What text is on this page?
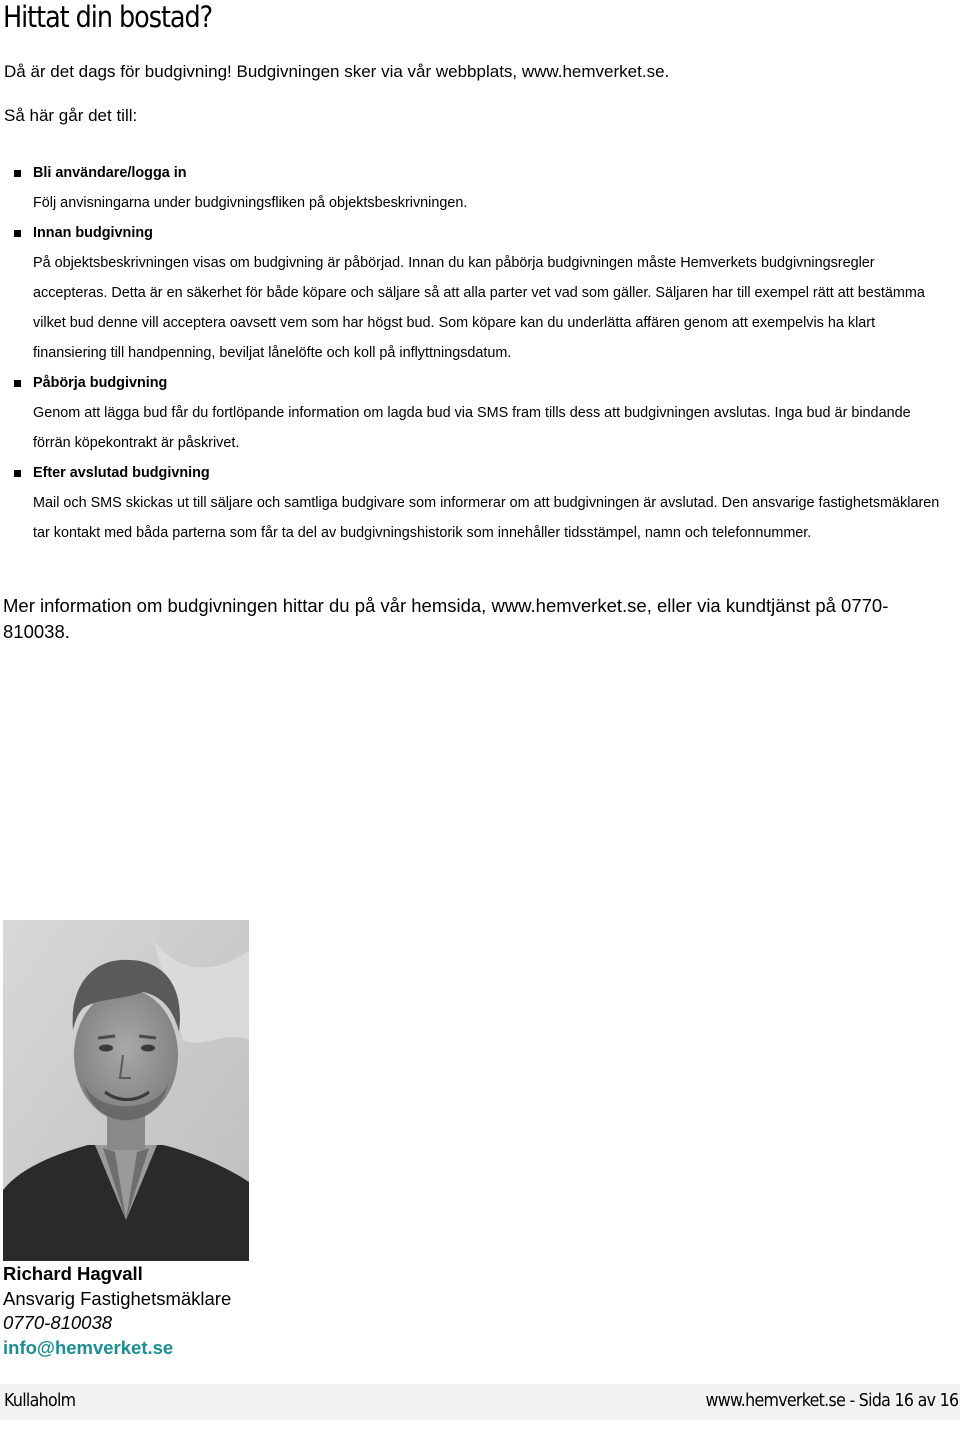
Hittat din bostad?
Då är det dags för budgivning! Budgivningen sker via vår webbplats, www.hemverket.se.
Så här går det till:
Bli användare/logga in
Följ anvisningarna under budgivningsfliken på objektsbeskrivningen.
Innan budgivning
På objektsbeskrivningen visas om budgivning är påbörjad. Innan du kan påbörja budgivningen måste Hemverkets budgivningsregler accepteras. Detta är en säkerhet för både köpare och säljare så att alla parter vet vad som gäller. Säljaren har till exempel rätt att bestämma vilket bud denne vill acceptera oavsett vem som har högst bud. Som köpare kan du underlätta affären genom att exempelvis ha klart finansiering till handpenning, beviljat lånelöfte och koll på inflyttningsdatum.
Påbörja budgivning
Genom att lägga bud får du fortlöpande information om lagda bud via SMS fram tills dess att budgivningen avslutas. Inga bud är bindande förrän köpekontrakt är påskrivet.
Efter avslutad budgivning
Mail och SMS skickas ut till säljare och samtliga budgivare som informerar om att budgivningen är avslutad. Den ansvarige fastighetsmäklaren tar kontakt med båda parterna som får ta del av budgivningshistorik som innehåller tidsstämpel, namn och telefonnummer.
Mer information om budgivningen hittar du på vår hemsida, www.hemverket.se, eller via kundtjänst på 0770-810038.
Richard Hagvall
Ansvarig Fastighetsmäklare
0770-810038
info@hemverket.se
Kullaholm	www.hemverket.se - Sida 16 av 16
